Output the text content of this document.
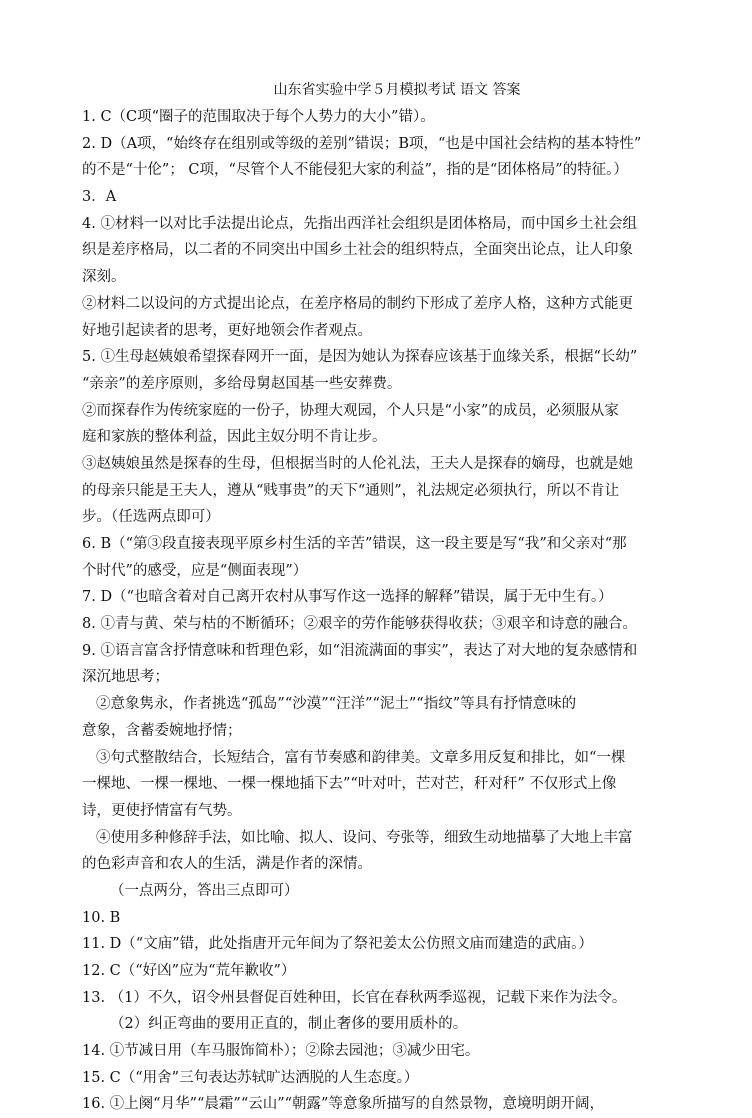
山东省实验中学５月模拟考试 语文 答案
1. C（C项“圈子的范围取决于每个人势力的大小”错）。
2. D（A项，“始终存在组别或等级的差别”错误；B项，“也是中国社会结构的基本特性”
的不是“十伦”； C项，“尽管个人不能侵犯大家的利益”，指的是“团体格局”的特征。）
3．A
4. ①材料一以对比手法提出论点，先指出西洋社会组织是团体格局，而中国乡土社会组
织是差序格局，以二者的不同突出中国乡土社会的组织特点，全面突出论点，让人印象
深刻。
②材料二以设问的方式提出论点，在差序格局的制约下形成了差序人格，这种方式能更
好地引起读者的思考，更好地领会作者观点。
5. ①生母赵姨娘希望探春网开一面，是因为她认为探春应该基于血缘关系，根据“长幼”
“亲亲”的差序原则，多给母舅赵国基一些安葬费。
②而探春作为传统家庭的一份子，协理大观园，个人只是“小家”的成员，必须服从家
庭和家族的整体利益，因此主奴分明不肯让步。
③赵姨娘虽然是探春的生母，但根据当时的人伦礼法，王夫人是探春的嫡母，也就是她
的母亲只能是王夫人，遵从“贱事贵”的天下“通则”，礼法规定必须执行，所以不肯让
步。（任选两点即可）
6. B（“第③段直接表现平原乡村生活的辛苦”错误，这一段主要是写“我”和父亲对“那
个时代”的感受，应是“侧面表现”）
7. D（“也暗含着对自己离开农村从事写作这一选择的解释”错误，属于无中生有。）
8. ①青与黄、荣与枯的不断循环；②艰辛的劳作能够获得收获；③艰辛和诗意的融合。
9. ①语言富含抒情意味和哲理色彩，如“泪流满面的事实”，表达了对大地的复杂感情和
深沉地思考；
②意象隽永，作者挑选“孤岛”“沙漠”“汪洋”“泥土”“指纹”等具有抒情意味的
意象，含蓄委婉地抒情；
③句式整散结合，长短结合，富有节奏感和韵律美。文章多用反复和排比，如“一棵
一棵地、一棵一棵地、一棵一棵地插下去”“叶对叶，芒对芒，秆对秆” 不仅形式上像
诗，更使抒情富有气势。
④使用多种修辞手法，如比喻、拟人、设问、夸张等，细致生动地描摹了大地上丰富
的色彩声音和农人的生活，满是作者的深情。
（一点两分，答出三点即可）
10. B
11. D（“文庙”错，此处指唐开元年间为了祭祀姜太公仿照文庙而建造的武庙。）
12. C（“好凶”应为“荒年歉收”）
13. （1）不久，诏令州县督促百姓种田，长官在春秋两季巡视，记载下来作为法令。
（2）纠正弯曲的要用正直的，制止奢侈的要用质朴的。
14. ①节减日用（车马服饰简朴）；②除去园池；③减少田宅。
15. C（“用舍”三句表达苏轼旷达洒脱的人生态度。）
16. ①上阕“月华”“晨霜”“云山”“朝露”等意象所描写的自然景物，意境明朗开阔，
